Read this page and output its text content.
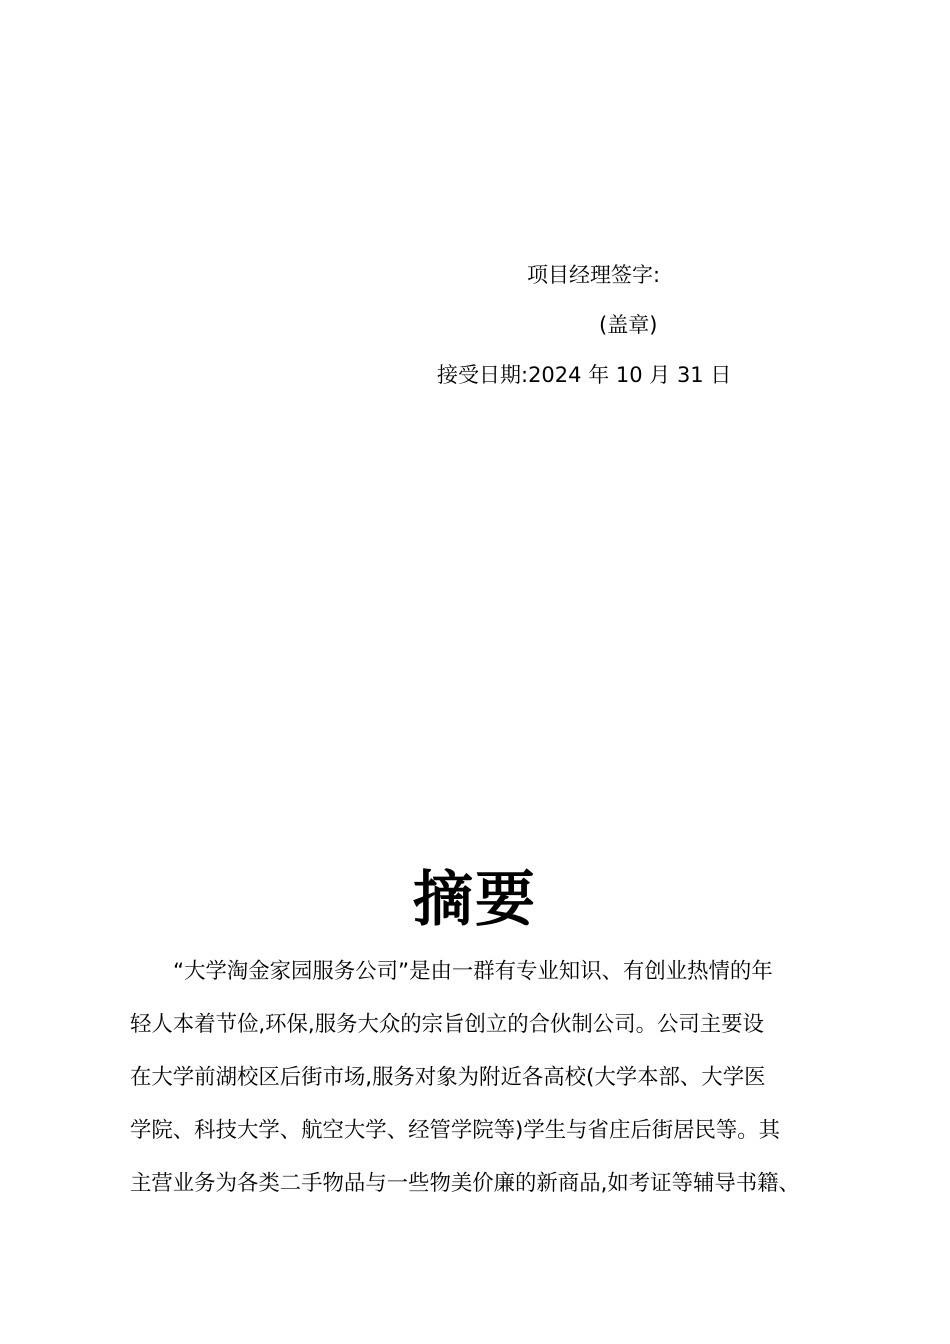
项目经理签字:

(盖章)

接受日期:2024 年 10 月 31 日

摘要

“大学淘金家园服务公司”是由一群有专业知识、有创业热情的年

轻人本着节俭,环保,服务大众的宗旨创立的合伙制公司。公司主要设

在大学前湖校区后街市场,服务对象为附近各高校(大学本部、大学医

学院、科技大学、航空大学、经管学院等)学生与省庄后街居民等。其

主营业务为各类二手物品与一些物美价廉的新商品,如考证等辅导书籍、
